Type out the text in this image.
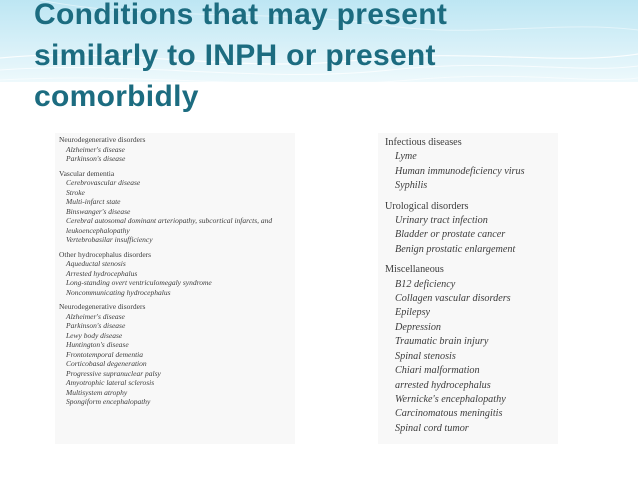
Conditions that may present
similarly to INPH or present
comorbidly
Neurodegenerative disorders
Alzheimer's disease
Parkinson's disease
Vascular dementia
Cerebrovascular disease
Stroke
Multi-infarct state
Binswanger's disease
Cerebral autosomal dominant arteriopathy, subcortical infarcts, and
leukoencephalopathy
Vertebrobasilar insufficiency
Other hydrocephalus disorders
Aqueductal stenosis
Arrested hydrocephalus
Long-standing overt ventriculomegaly syndrome
Noncommunicating hydrocephalus
Neurodegenerative disorders
Alzheimer's disease
Parkinson's disease
Lewy body disease
Huntington's disease
Frontotemporal dementia
Corticobasal degeneration
Progressive supranuclear palsy
Amyotrophic lateral sclerosis
Multisystem atrophy
Spongiform encephalopathy
Infectious diseases
Lyme
Human immunodeficiency virus
Syphilis
Urological disorders
Urinary tract infection
Bladder or prostate cancer
Benign prostatic enlargement
Miscellaneous
B12 deficiency
Collagen vascular disorders
Epilepsy
Depression
Traumatic brain injury
Spinal stenosis
Chiari malformation
arrested hydrocephalus
Wernicke's encephalopathy
Carcinomatous meningitis
Spinal cord tumor
